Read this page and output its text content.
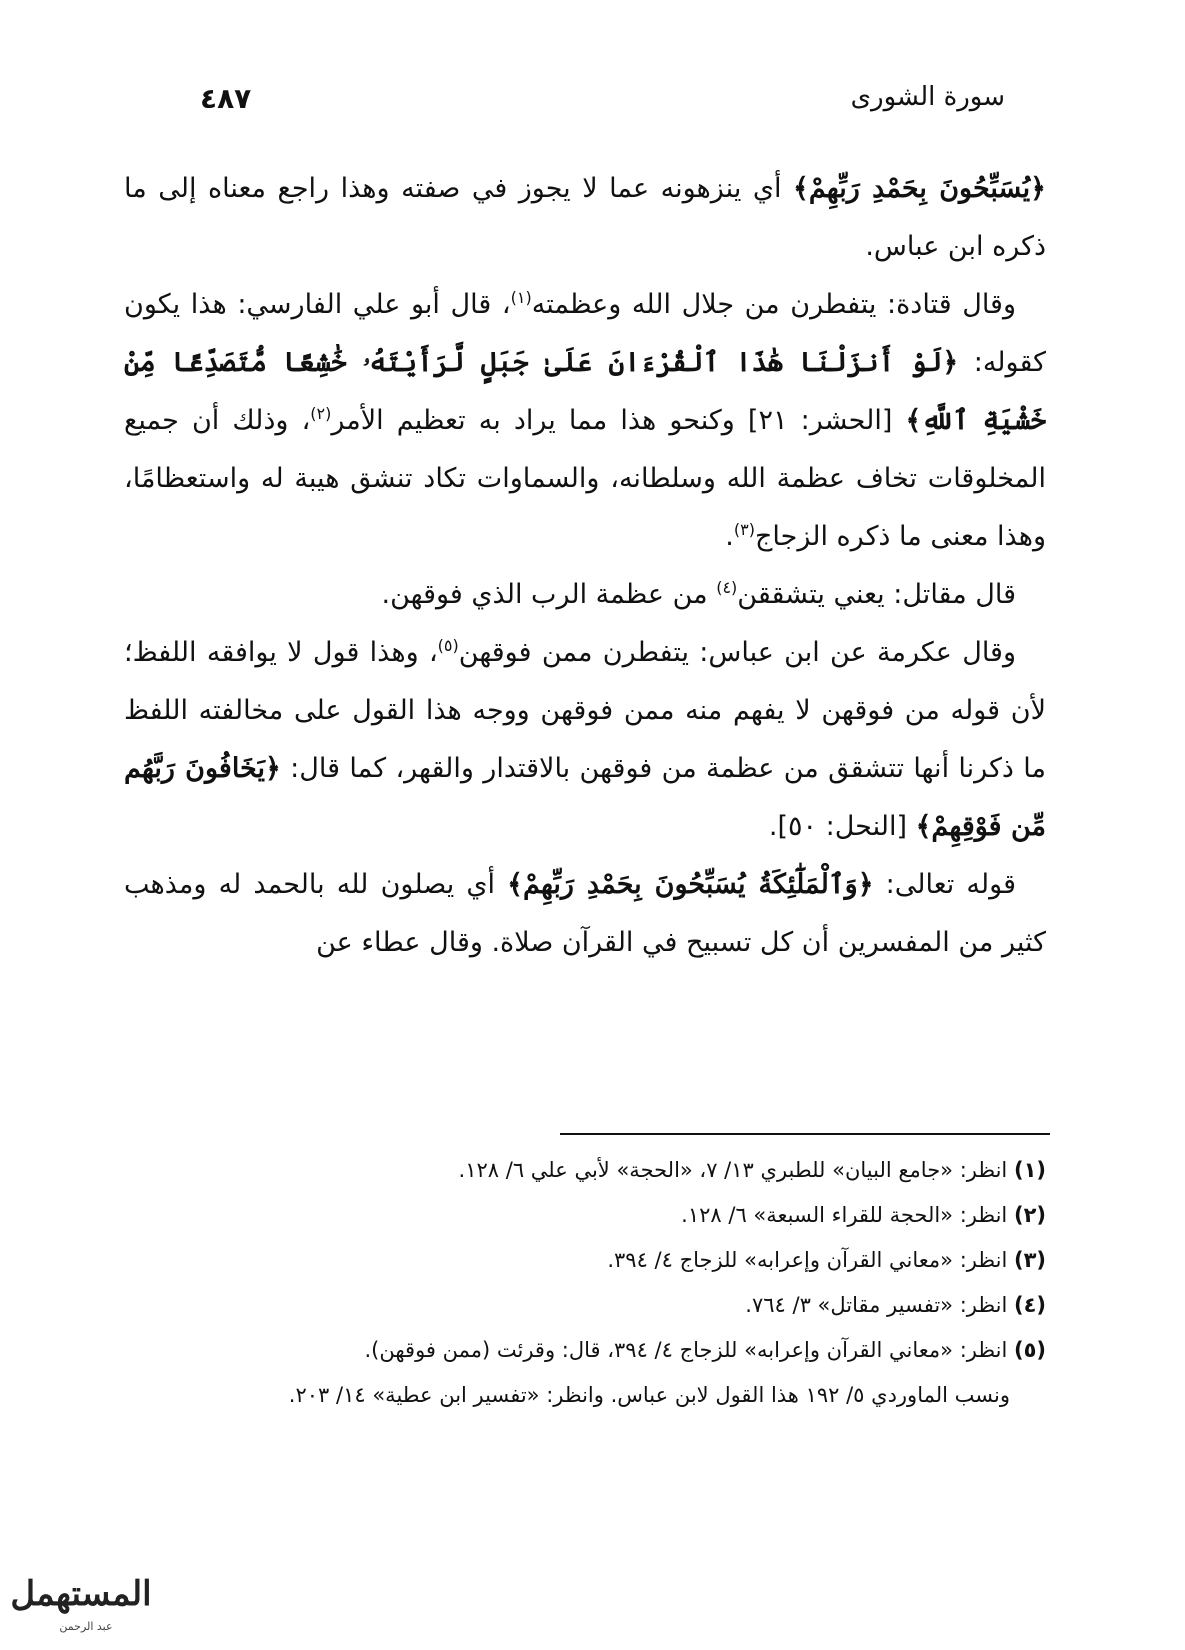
سورة الشورى
٤٨٧

﴿يُسَبِّحُونَ بِحَمْدِ رَبِّهِمْ﴾ أي ينزهونه عما لا يجوز في صفته وهذا راجع معناه إلى ما ذكره ابن عباس.

وقال قتادة: يتفطرن من جلال الله وعظمته$^{(١)}$، قال أبو علي الفارسي: هذا يكون كقوله: ﴿لَوْ أَنزَلْنَا هَٰذَا ٱلْقُرْءَانَ عَلَىٰ جَبَلٍ لَّرَأَيْتَهُۥ خَٰشِعًا مُّتَصَدِّعًا مِّنْ خَشْيَةِ ٱللَّهِ﴾ [الحشر: ٢١] وكنحو هذا مما يراد به تعظيم الأمر$^{(٢)}$، وذلك أن جميع المخلوقات تخاف عظمة الله وسلطانه، والسماوات تكاد تنشق هيبة له واستعظامًا، وهذا معنى ما ذكره الزجاج$^{(٣)}$.

قال مقاتل: يعني يتشققن$^{(٤)}$ من عظمة الرب الذي فوقهن.

وقال عكرمة عن ابن عباس: يتفطرن ممن فوقهن$^{(٥)}$، وهذا قول لا يوافقه اللفظ؛ لأن قوله من فوقهن لا يفهم منه ممن فوقهن ووجه هذا القول على مخالفته اللفظ ما ذكرنا أنها تتشقق من عظمة من فوقهن بالاقتدار والقهر، كما قال: ﴿يَخَافُونَ رَبَّهُم مِّن فَوْقِهِمْ﴾ [النحل: ٥٠].

قوله تعالى: ﴿وَٱلْمَلَٰٓئِكَةُ يُسَبِّحُونَ بِحَمْدِ رَبِّهِمْ﴾ أي يصلون لله بالحمد له ومذهب كثير من المفسرين أن كل تسبيح في القرآن صلاة. وقال عطاء عن

(١) انظر: «جامع البيان» للطبري ١٣/ ٧، «الحجة» لأبي علي ٦/ ١٢٨.

(٢) انظر: «الحجة للقراء السبعة» ٦/ ١٢٨.

(٣) انظر: «معاني القرآن وإعرابه» للزجاج ٤/ ٣٩٤.

(٤) انظر: «تفسير مقاتل» ٣/ ٧٦٤.

(٥) انظر: «معاني القرآن وإعرابه» للزجاج ٤/ ٣٩٤، قال: وقرئت (ممن فوقهن).

ونسب الماوردي ٥/ ١٩٢ هذا القول لابن عباس. وانظر: «تفسير ابن عطية» ١٤/ ٢٠٣.

المستهمل
عبد الرحمن
